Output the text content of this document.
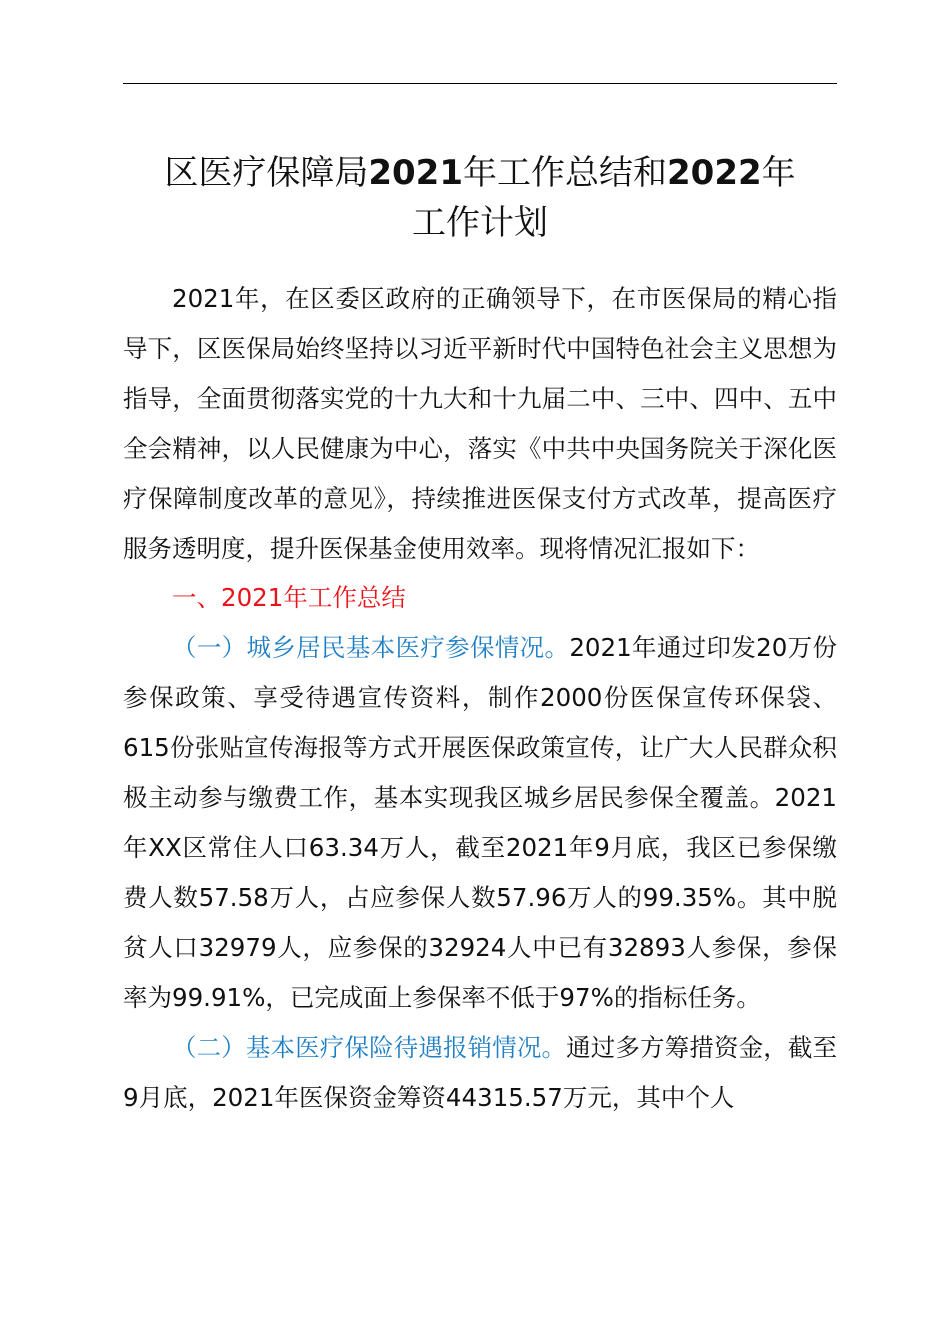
区医疗保障局2021年工作总结和2022年
工作计划

2021年，在区委区政府的正确领导下，在市医保局的精心指导下，区医保局始终坚持以习近平新时代中国特色社会主义思想为指导，全面贯彻落实党的十九大和十九届二中、三中、四中、五中全会精神，以人民健康为中心，落实《中共中央国务院关于深化医疗保障制度改革的意见》，持续推进医保支付方式改革，提高医疗服务透明度，提升医保基金使用效率。现将情况汇报如下：

一、2021年工作总结

（一）城乡居民基本医疗参保情况。2021年通过印发20万份参保政策、享受待遇宣传资料，制作2000份医保宣传环保袋、615份张贴宣传海报等方式开展医保政策宣传，让广大人民群众积极主动参与缴费工作，基本实现我区城乡居民参保全覆盖。2021年XX区常住人口63.34万人，截至2021年9月底，我区已参保缴费人数57.58万人，占应参保人数57.96万人的99.35%。其中脱贫人口32979人，应参保的32924人中已有32893人参保，参保率为99.91%，已完成面上参保率不低于97%的指标任务。

（二）基本医疗保险待遇报销情况。通过多方筹措资金，截至9月底，2021年医保资金筹资44315.57万元，其中个人
